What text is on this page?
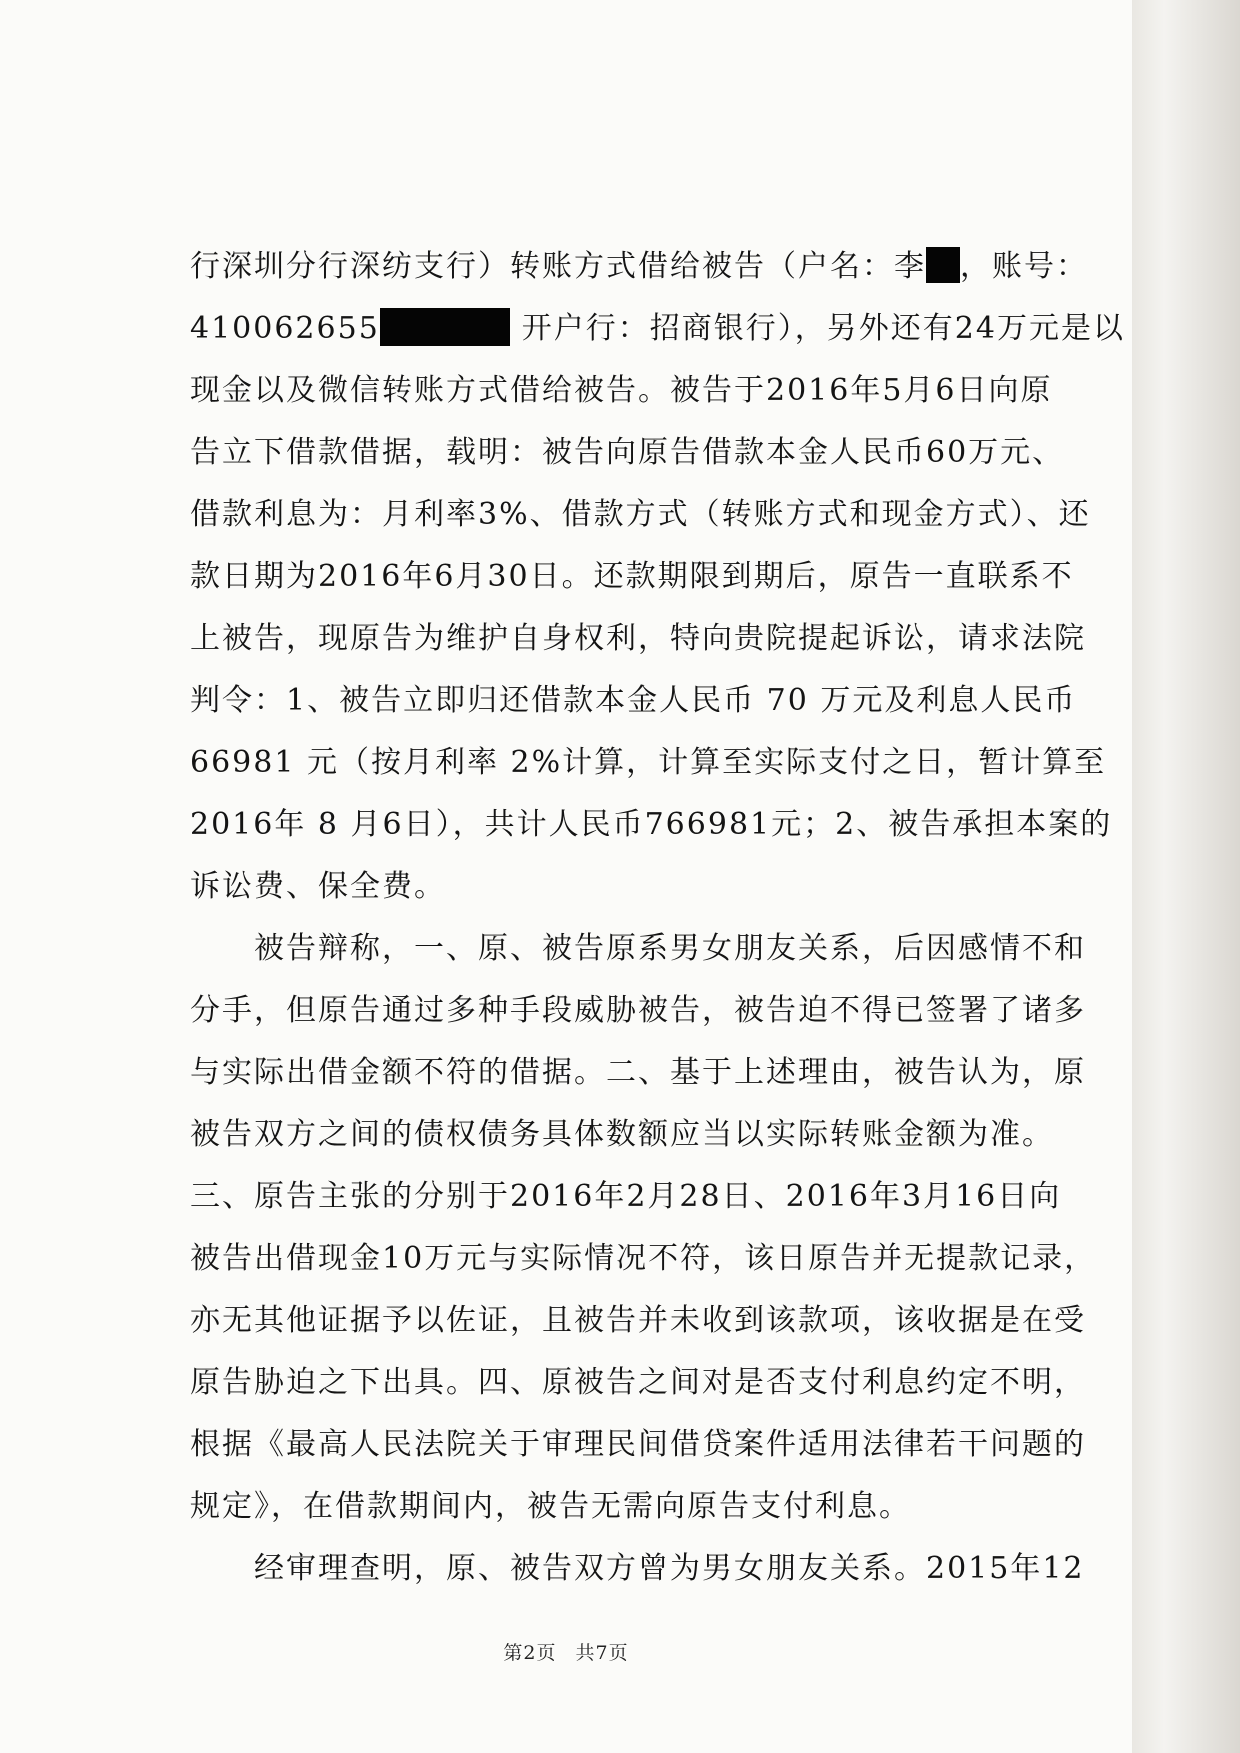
行深圳分行深纺支行）转账方式借给被告（户名：李 ，账号：
410062655	开户行：招商银行），另外还有24万元是以
现金以及微信转账方式借给被告。被告于2016年5月6日向原
告立下借款借据，载明：被告向原告借款本金人民币60万元、
借款利息为：月利率3%、借款方式（转账方式和现金方式）、还
款日期为2016年6月30日。还款期限到期后，原告一直联系不
上被告，现原告为维护自身权利，特向贵院提起诉讼，请求法院
判令：1、被告立即归还借款本金人民币 70 万元及利息人民币
66981 元（按月利率 2%计算，计算至实际支付之日，暂计算至
2016年 8 月6日），共计人民币766981元；2、被告承担本案的
诉讼费、保全费。
被告辩称，一、原、被告原系男女朋友关系，后因感情不和
分手，但原告通过多种手段威胁被告，被告迫不得已签署了诸多
与实际出借金额不符的借据。二、基于上述理由，被告认为，原
被告双方之间的债权债务具体数额应当以实际转账金额为准。
三、原告主张的分别于2016年2月28日、2016年3月16日向
被告出借现金10万元与实际情况不符，该日原告并无提款记录，
亦无其他证据予以佐证，且被告并未收到该款项，该收据是在受
原告胁迫之下出具。四、原被告之间对是否支付利息约定不明，
根据《最高人民法院关于审理民间借贷案件适用法律若干问题的
规定》，在借款期间内，被告无需向原告支付利息。
经审理查明，原、被告双方曾为男女朋友关系。2015年12
第2页 共7页
